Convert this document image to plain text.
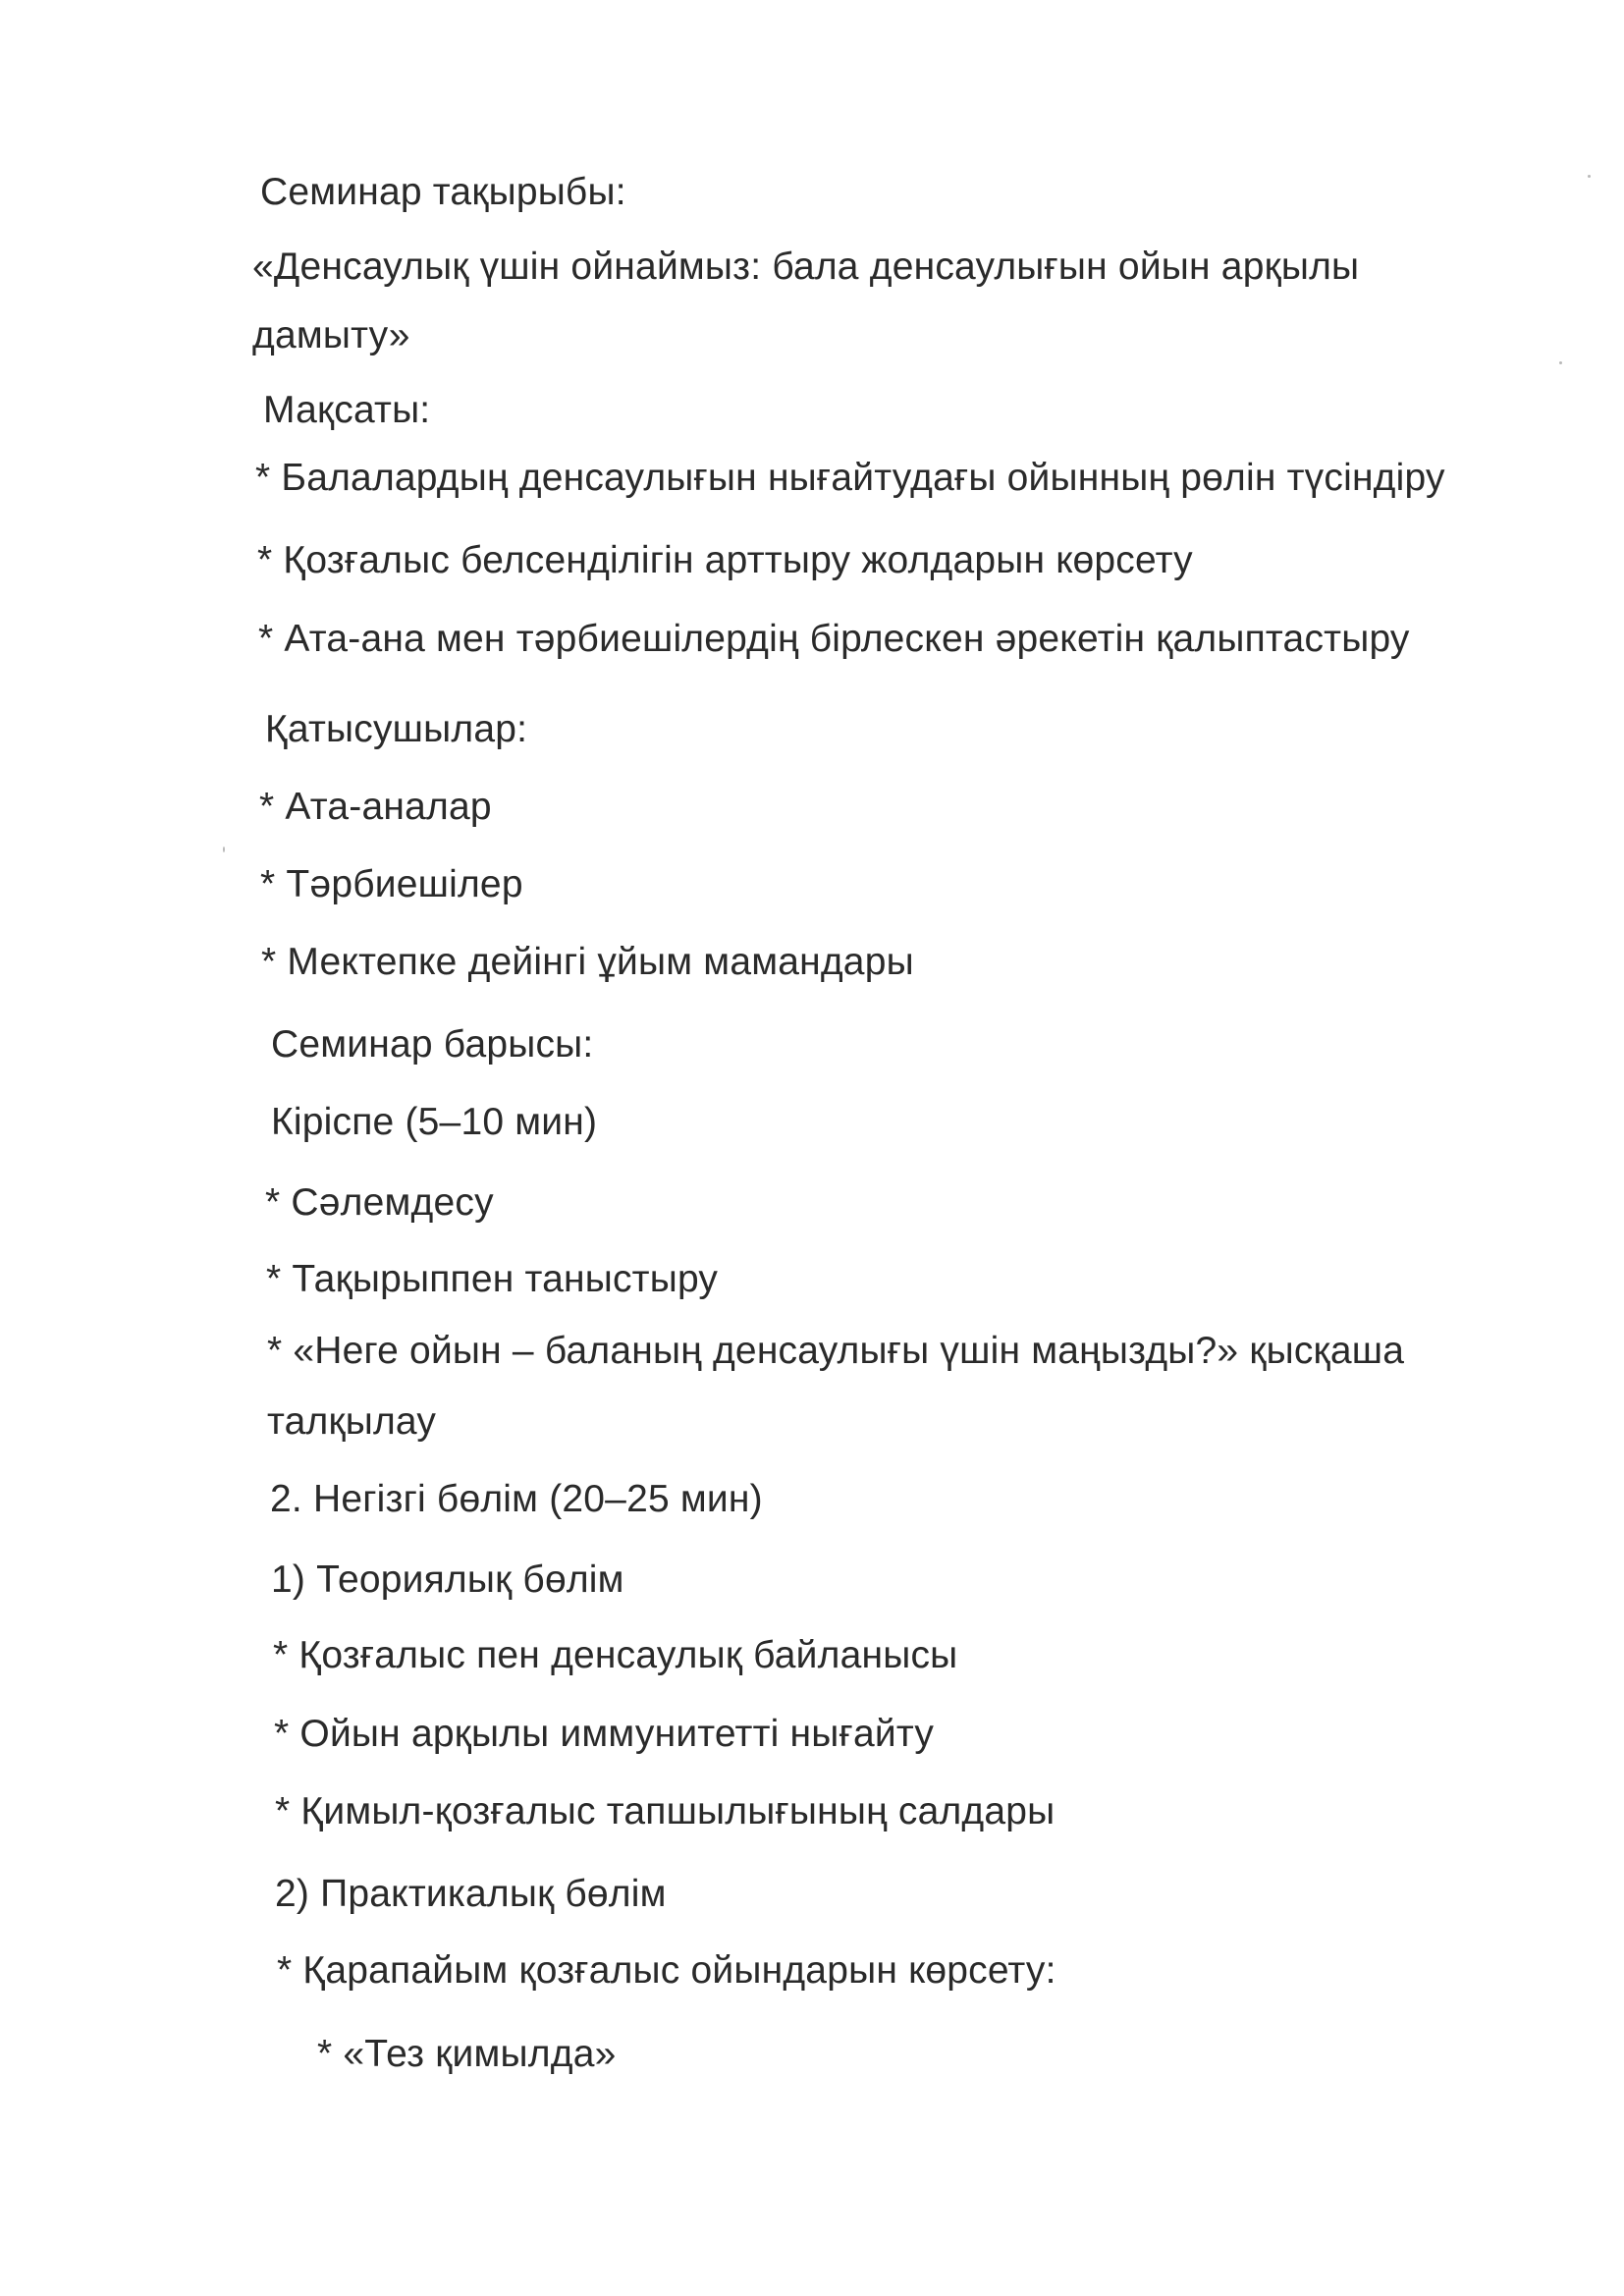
Семинар тақырыбы:
«Денсаулық үшін ойнаймыз: бала денсаулығын ойын арқылы
дамыту»
Мақсаты:
* Балалардың денсаулығын нығайтудағы ойынның рөлін түсіндіру
* Қозғалыс белсенділігін арттыру жолдарын көрсету
* Ата-ана мен тәрбиешілердің бірлескен әрекетін қалыптастыру
Қатысушылар:
* Ата-аналар
* Тәрбиешілер
* Мектепке дейінгі ұйым мамандары
Семинар барысы:
Кіріспе (5–10 мин)
* Сәлемдесу
* Тақырыппен таныстыру
* «Неге ойын – баланың денсаулығы үшін маңызды?» қысқаша
талқылау
2. Негізгі бөлім (20–25 мин)
1) Теориялық бөлім
* Қозғалыс пен денсаулық байланысы
* Ойын арқылы иммунитетті нығайту
* Қимыл-қозғалыс тапшылығының салдары
2) Практикалық бөлім
* Қарапайым қозғалыс ойындарын көрсету:
* «Тез қимылда»
